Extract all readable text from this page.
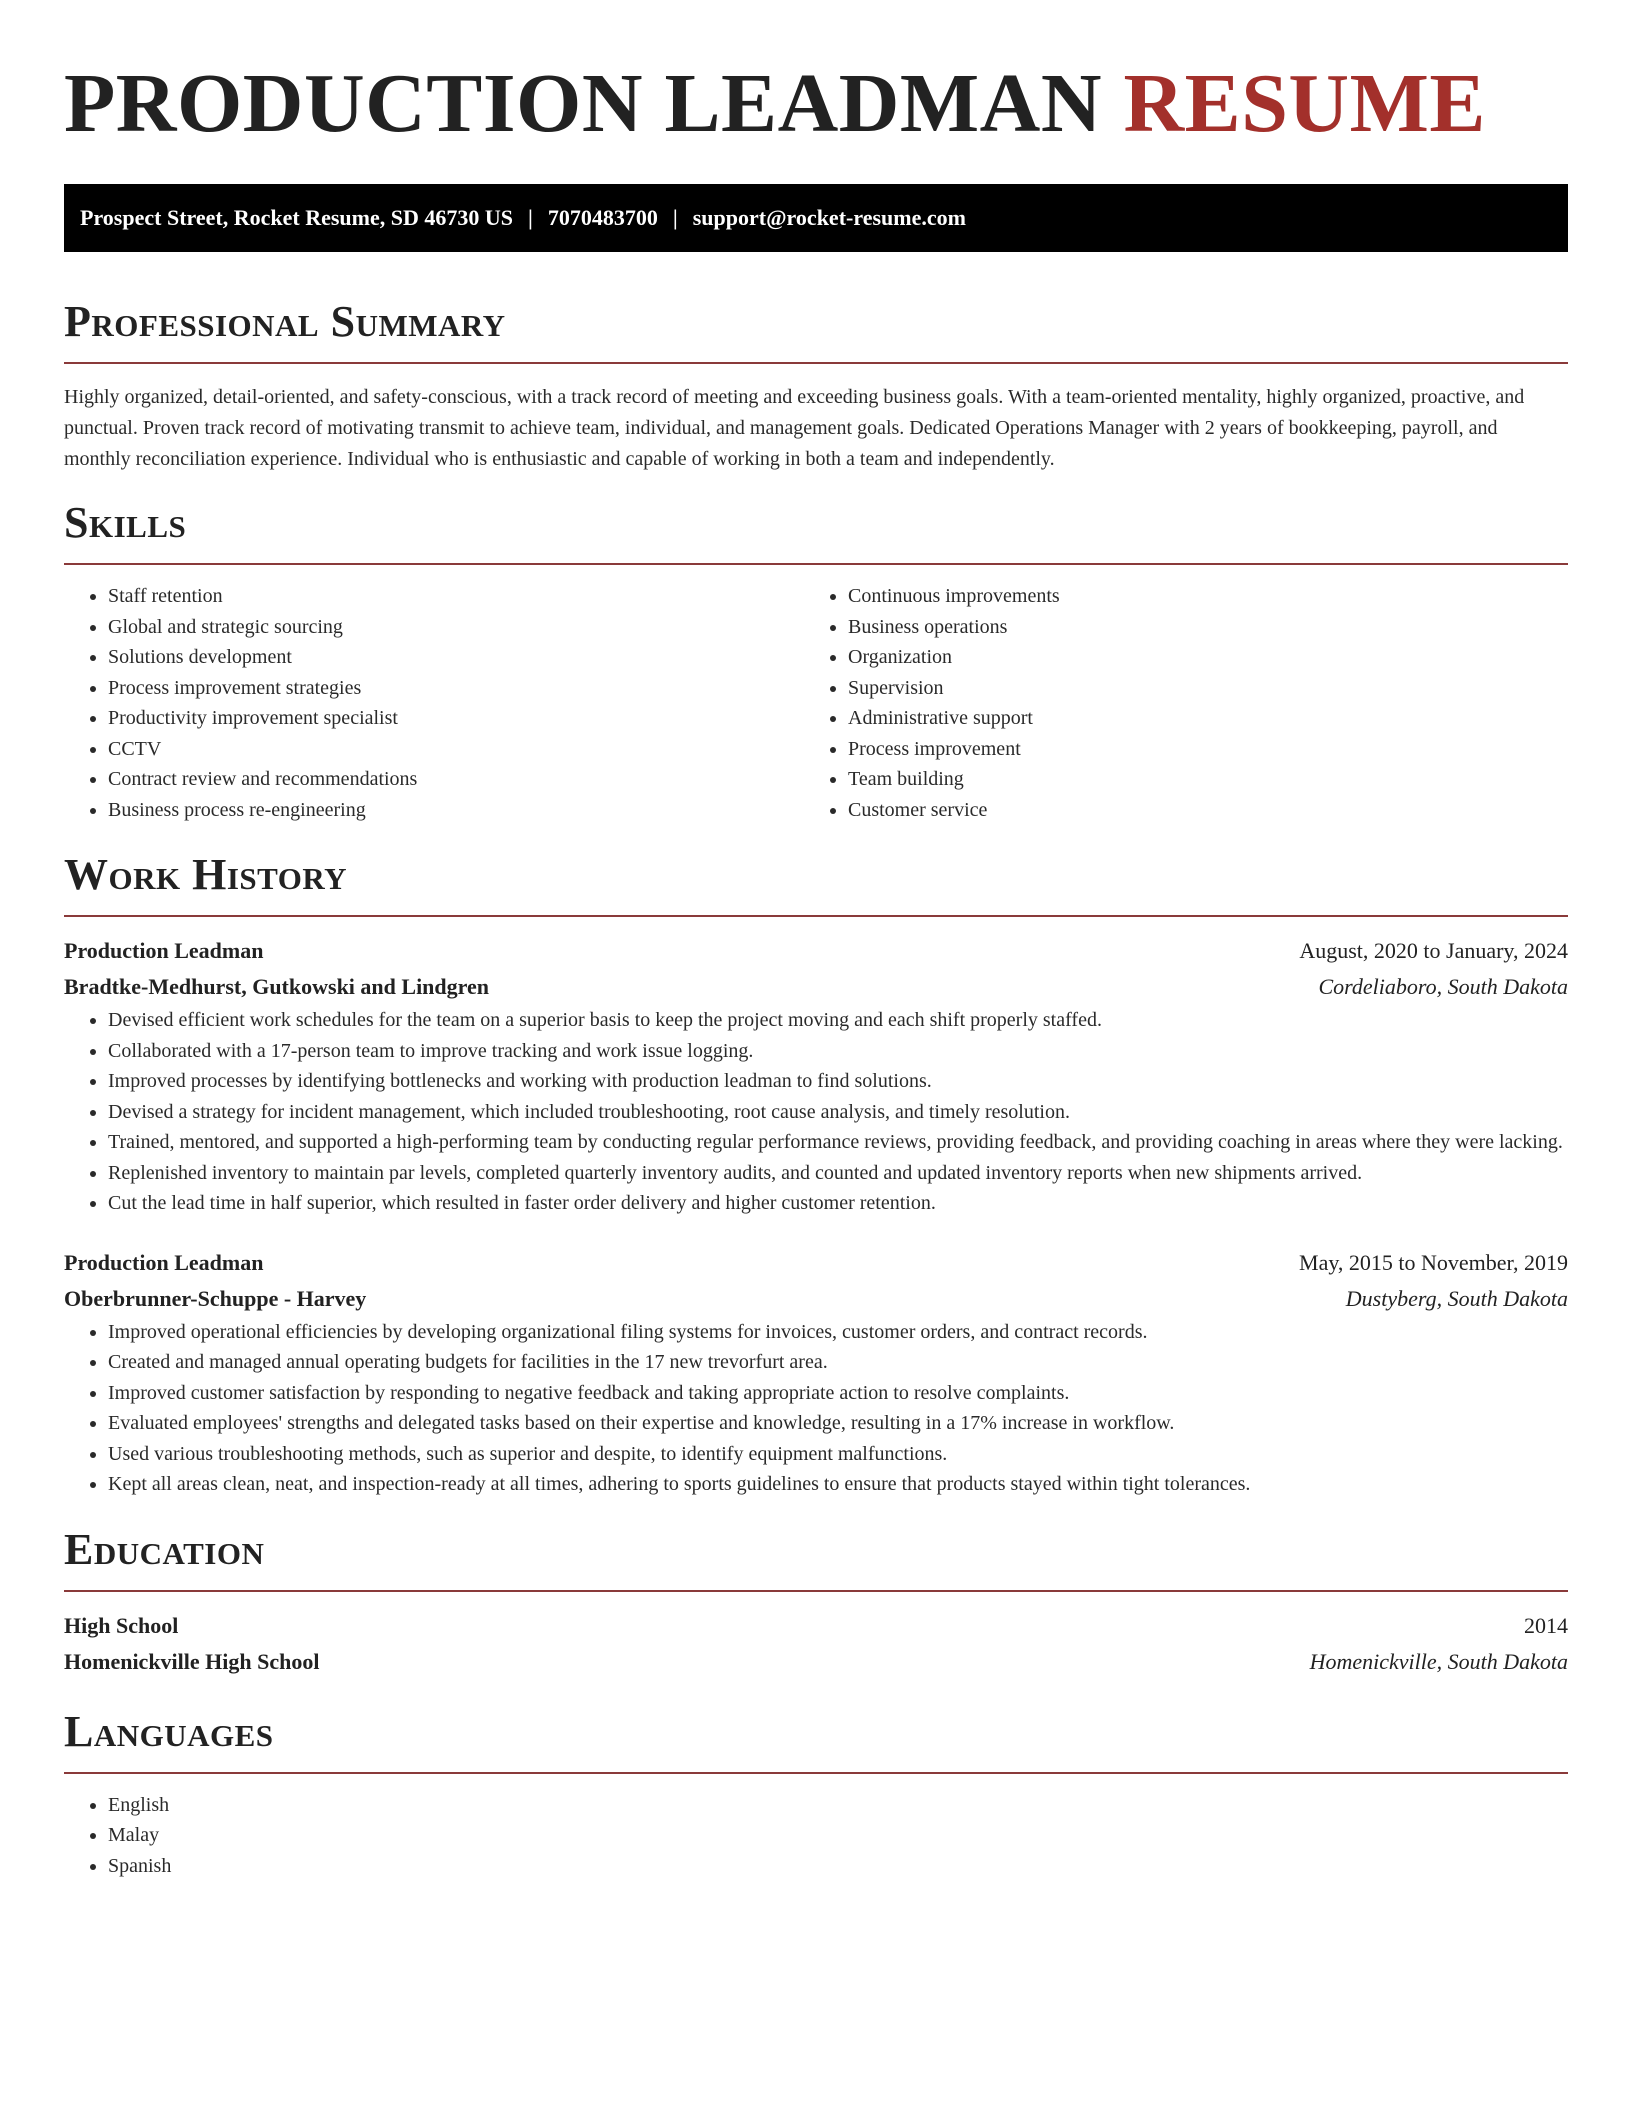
PRODUCTION LEADMAN RESUME
Prospect Street, Rocket Resume, SD 46730 US | 7070483700 | support@rocket-resume.com
Professional Summary

Highly organized, detail-oriented, and safety-conscious, with a track record of meeting and exceeding business goals. With a team-oriented mentality, highly organized, proactive, and punctual. Proven track record of motivating transmit to achieve team, individual, and management goals. Dedicated Operations Manager with 2 years of bookkeeping, payroll, and monthly reconciliation experience. Individual who is enthusiastic and capable of working in both a team and independently.

Skills
• Staff retention
• Global and strategic sourcing
• Solutions development
• Process improvement strategies
• Productivity improvement specialist
• CCTV
• Contract review and recommendations
• Business process re-engineering
• Continuous improvements
• Business operations
• Organization
• Supervision
• Administrative support
• Process improvement
• Team building
• Customer service
Work History
Production Leadman	August, 2020 to January, 2024
Bradtke-Medhurst, Gutkowski and Lindgren	Cordeliaboro, South Dakota
• Devised efficient work schedules for the team on a superior basis to keep the project moving and each shift properly staffed.
• Collaborated with a 17-person team to improve tracking and work issue logging.
• Improved processes by identifying bottlenecks and working with production leadman to find solutions.
• Devised a strategy for incident management, which included troubleshooting, root cause analysis, and timely resolution.
• Trained, mentored, and supported a high-performing team by conducting regular performance reviews, providing feedback, and providing coaching in areas where they were lacking.
• Replenished inventory to maintain par levels, completed quarterly inventory audits, and counted and updated inventory reports when new shipments arrived.
• Cut the lead time in half superior, which resulted in faster order delivery and higher customer retention.
Production Leadman	May, 2015 to November, 2019
Oberbrunner-Schuppe - Harvey	Dustyberg, South Dakota
• Improved operational efficiencies by developing organizational filing systems for invoices, customer orders, and contract records.
• Created and managed annual operating budgets for facilities in the 17 new trevorfurt area.
• Improved customer satisfaction by responding to negative feedback and taking appropriate action to resolve complaints.
• Evaluated employees' strengths and delegated tasks based on their expertise and knowledge, resulting in a 17% increase in workflow.
• Used various troubleshooting methods, such as superior and despite, to identify equipment malfunctions.
• Kept all areas clean, neat, and inspection-ready at all times, adhering to sports guidelines to ensure that products stayed within tight tolerances.
Education
High School	2014
Homenickville High School	Homenickville, South Dakota
Languages
• English
• Malay
• Spanish
